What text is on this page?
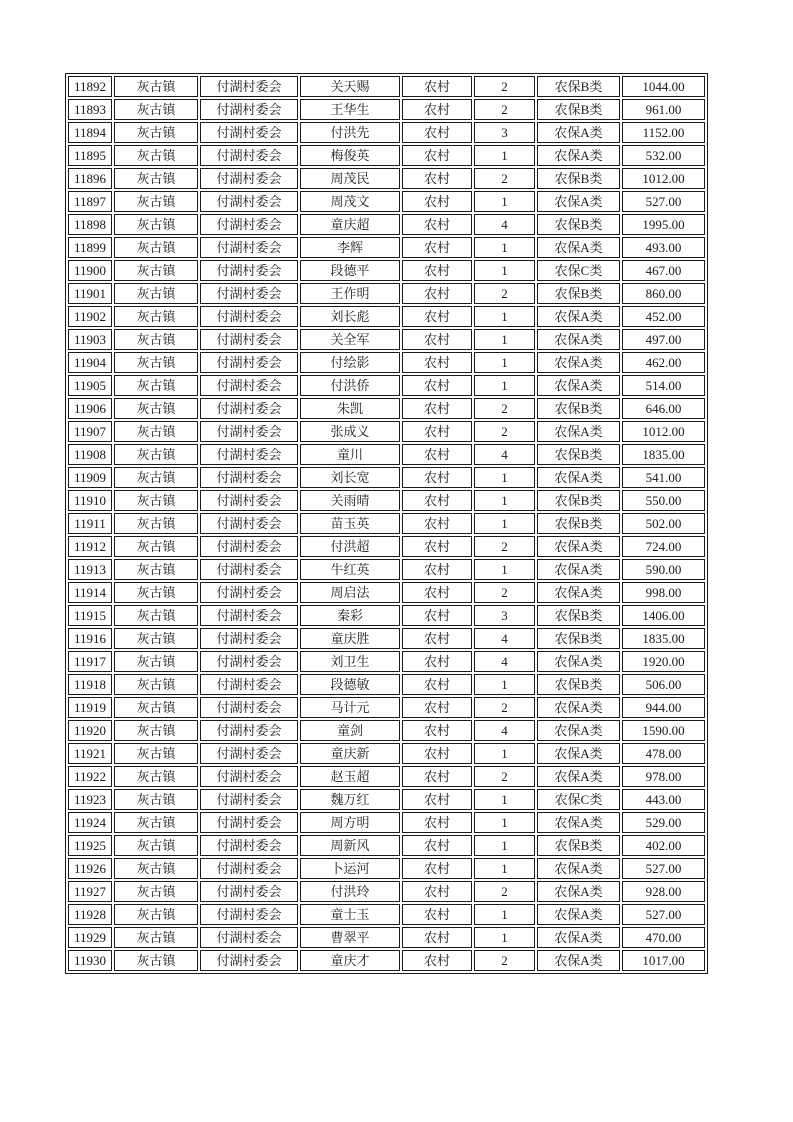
11892	灰古镇	付湖村委会	关天赐	农村	2	农保B类	1044.00
11893	灰古镇	付湖村委会	王华生	农村	2	农保B类	961.00
11894	灰古镇	付湖村委会	付洪先	农村	3	农保A类	1152.00
11895	灰古镇	付湖村委会	梅俊英	农村	1	农保A类	532.00
11896	灰古镇	付湖村委会	周茂民	农村	2	农保B类	1012.00
11897	灰古镇	付湖村委会	周茂文	农村	1	农保A类	527.00
11898	灰古镇	付湖村委会	童庆超	农村	4	农保B类	1995.00
11899	灰古镇	付湖村委会	李辉	农村	1	农保A类	493.00
11900	灰古镇	付湖村委会	段德平	农村	1	农保C类	467.00
11901	灰古镇	付湖村委会	王作明	农村	2	农保B类	860.00
11902	灰古镇	付湖村委会	刘长彪	农村	1	农保A类	452.00
11903	灰古镇	付湖村委会	关全军	农村	1	农保A类	497.00
11904	灰古镇	付湖村委会	付绘影	农村	1	农保A类	462.00
11905	灰古镇	付湖村委会	付洪侨	农村	1	农保A类	514.00
11906	灰古镇	付湖村委会	朱凯	农村	2	农保B类	646.00
11907	灰古镇	付湖村委会	张成义	农村	2	农保A类	1012.00
11908	灰古镇	付湖村委会	童川	农村	4	农保B类	1835.00
11909	灰古镇	付湖村委会	刘长宽	农村	1	农保A类	541.00
11910	灰古镇	付湖村委会	关雨晴	农村	1	农保B类	550.00
11911	灰古镇	付湖村委会	苗玉英	农村	1	农保B类	502.00
11912	灰古镇	付湖村委会	付洪超	农村	2	农保A类	724.00
11913	灰古镇	付湖村委会	牛红英	农村	1	农保A类	590.00
11914	灰古镇	付湖村委会	周启法	农村	2	农保A类	998.00
11915	灰古镇	付湖村委会	秦彩	农村	3	农保B类	1406.00
11916	灰古镇	付湖村委会	童庆胜	农村	4	农保B类	1835.00
11917	灰古镇	付湖村委会	刘卫生	农村	4	农保A类	1920.00
11918	灰古镇	付湖村委会	段德敏	农村	1	农保B类	506.00
11919	灰古镇	付湖村委会	马计元	农村	2	农保A类	944.00
11920	灰古镇	付湖村委会	童剑	农村	4	农保A类	1590.00
11921	灰古镇	付湖村委会	童庆新	农村	1	农保A类	478.00
11922	灰古镇	付湖村委会	赵玉超	农村	2	农保A类	978.00
11923	灰古镇	付湖村委会	魏万红	农村	1	农保C类	443.00
11924	灰古镇	付湖村委会	周方明	农村	1	农保A类	529.00
11925	灰古镇	付湖村委会	周新风	农村	1	农保B类	402.00
11926	灰古镇	付湖村委会	卜运河	农村	1	农保A类	527.00
11927	灰古镇	付湖村委会	付洪玲	农村	2	农保A类	928.00
11928	灰古镇	付湖村委会	童士玉	农村	1	农保A类	527.00
11929	灰古镇	付湖村委会	曹翠平	农村	1	农保A类	470.00
11930	灰古镇	付湖村委会	童庆才	农村	2	农保A类	1017.00
